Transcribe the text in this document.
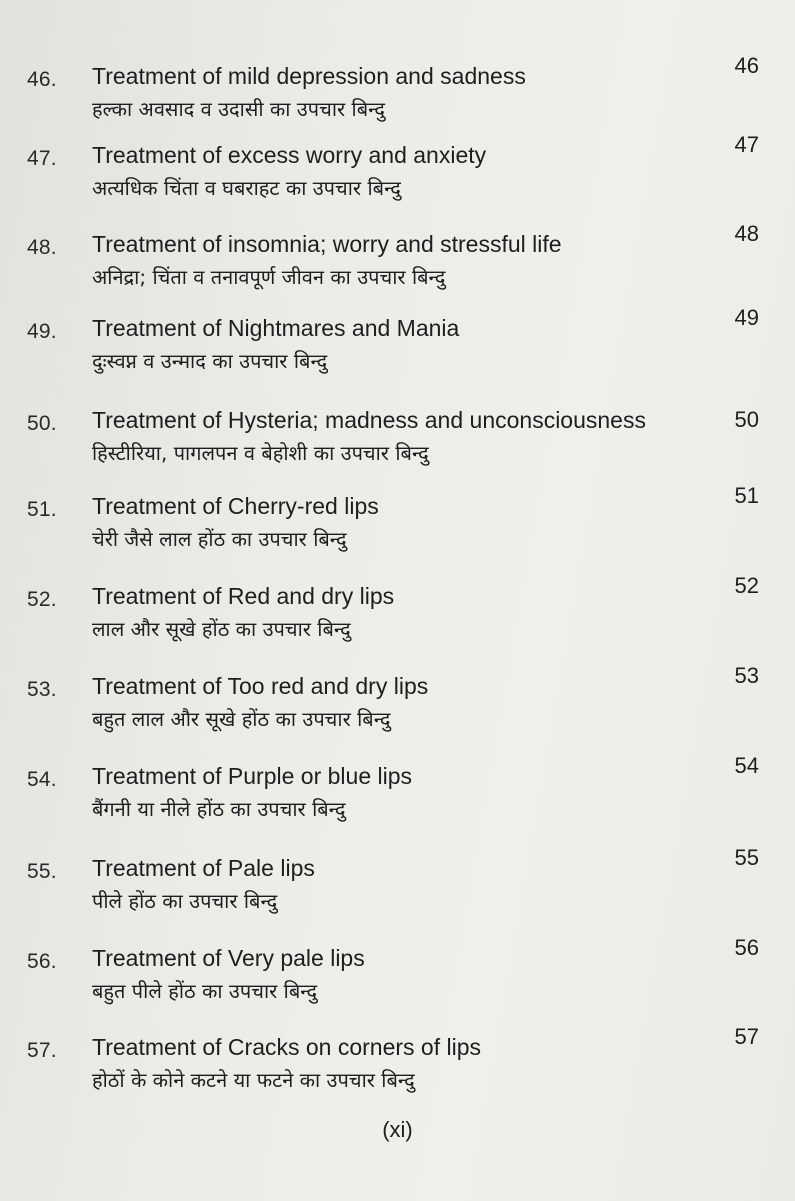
46. Treatment of mild depression and sadness
हल्का अवसाद व उदासी का उपचार बिन्दु
46
47. Treatment of excess worry and anxiety
अत्यधिक चिंता व घबराहट का उपचार बिन्दु
47
48. Treatment of insomnia; worry and stressful life
अनिद्रा; चिंता व तनावपूर्ण जीवन का उपचार बिन्दु
48
49. Treatment of Nightmares and Mania
दुःस्वप्न व उन्माद का उपचार बिन्दु
49
50. Treatment of Hysteria; madness and unconsciousness
हिस्टीरिया, पागलपन व बेहोशी का उपचार बिन्दु
50
51. Treatment of Cherry-red lips
चेरी जैसे लाल होंठ का उपचार बिन्दु
51
52. Treatment of Red and dry lips
लाल और सूखे होंठ का उपचार बिन्दु
52
53. Treatment of Too red and dry lips
बहुत लाल और सूखे होंठ का उपचार बिन्दु
53
54. Treatment of Purple or blue lips
बैंगनी या नीले होंठ का उपचार बिन्दु
54
55. Treatment of Pale lips
पीले होंठ का उपचार बिन्दु
55
56. Treatment of Very pale lips
बहुत पीले होंठ का उपचार बिन्दु
56
57. Treatment of Cracks on corners of lips
होठों के कोने कटने या फटने का उपचार बिन्दु
57
(xi)
